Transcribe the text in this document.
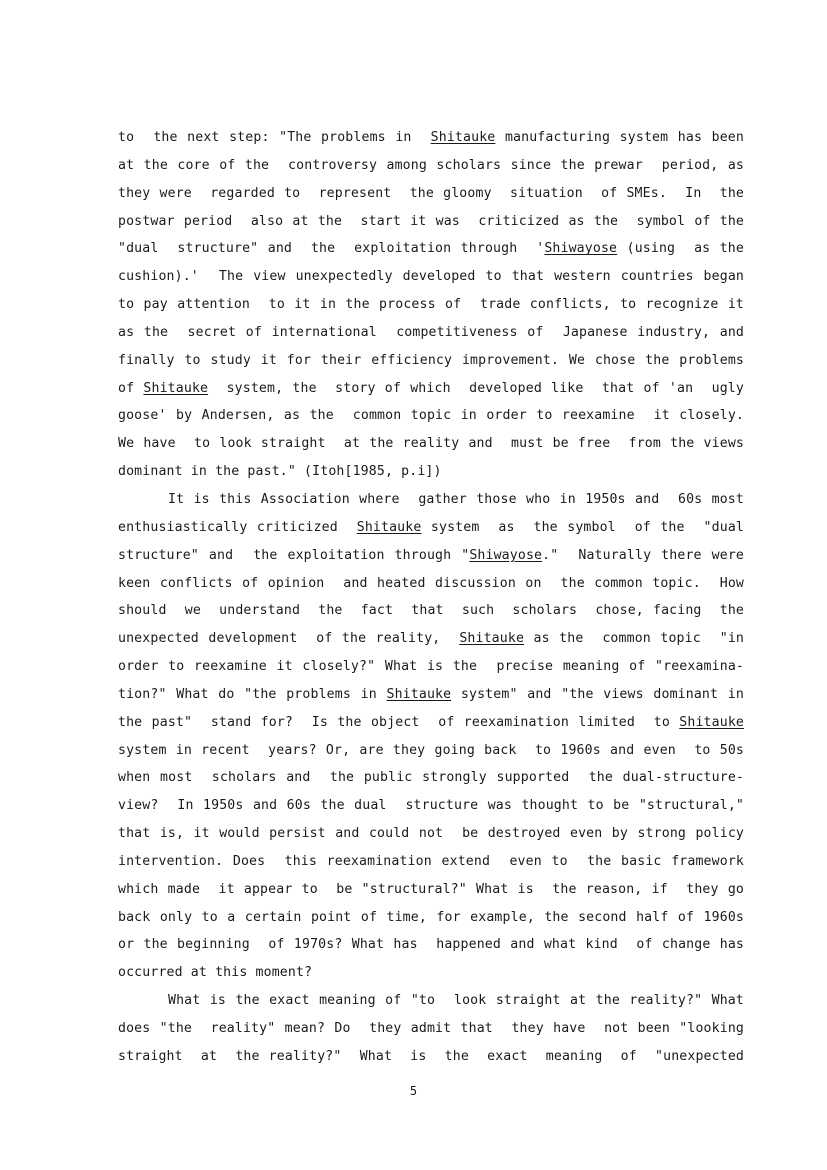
to  the next step: "The problems in  Shitauke manufacturing system has been
at the core of the  controversy among scholars since the prewar  period, as
they were  regarded to  represent  the gloomy  situation  of SMEs.  In  the
postwar period  also at the  start it was  criticized as the  symbol of the
"dual  structure" and  the  exploitation through  'Shiwayose (using  as the
cushion).'  The view unexpectedly developed to that western countries began
to pay attention  to it in the process of  trade conflicts, to recognize it
as the  secret of international  competitiveness of  Japanese industry, and
finally to study it for their efficiency improvement. We chose the problems
of Shitauke  system, the  story of which  developed like  that of 'an  ugly
goose' by Andersen, as the  common topic in order to reexamine  it closely.
We have  to look straight  at the reality and  must be free  from the views
dominant in the past." (Itoh[1985, p.i])
It is this Association where  gather those who in 1950s and  60s most
enthusiastically criticized  Shitauke system  as  the symbol  of the  "dual
structure" and  the exploitation through "Shiwayose."  Naturally there were
keen conflicts of opinion  and heated discussion on  the common topic.  How
should  we  understand  the  fact  that  such  scholars  chose, facing  the
unexpected development  of the reality,  Shitauke as the  common topic  "in
order to reexamine it closely?" What is the  precise meaning of "reexamina-
tion?" What do "the problems in Shitauke system" and "the views dominant in
the past"  stand for?  Is the object  of reexamination limited  to Shitauke
system in recent  years? Or, are they going back  to 1960s and even  to 50s
when most  scholars and  the public strongly supported  the dual-structure-
view?  In 1950s and 60s the dual  structure was thought to be "structural,"
that is, it would persist and could not  be destroyed even by strong policy
intervention. Does  this reexamination extend  even to  the basic framework
which made  it appear to  be "structural?" What is  the reason, if  they go
back only to a certain point of time, for example, the second half of 1960s
or the beginning  of 1970s? What has  happened and what kind  of change has
occurred at this moment?
What is the exact meaning of "to  look straight at the reality?" What
does "the  reality" mean? Do  they admit that  they have  not been "looking
straight  at  the reality?"  What  is  the  exact  meaning  of  "unexpected
5
